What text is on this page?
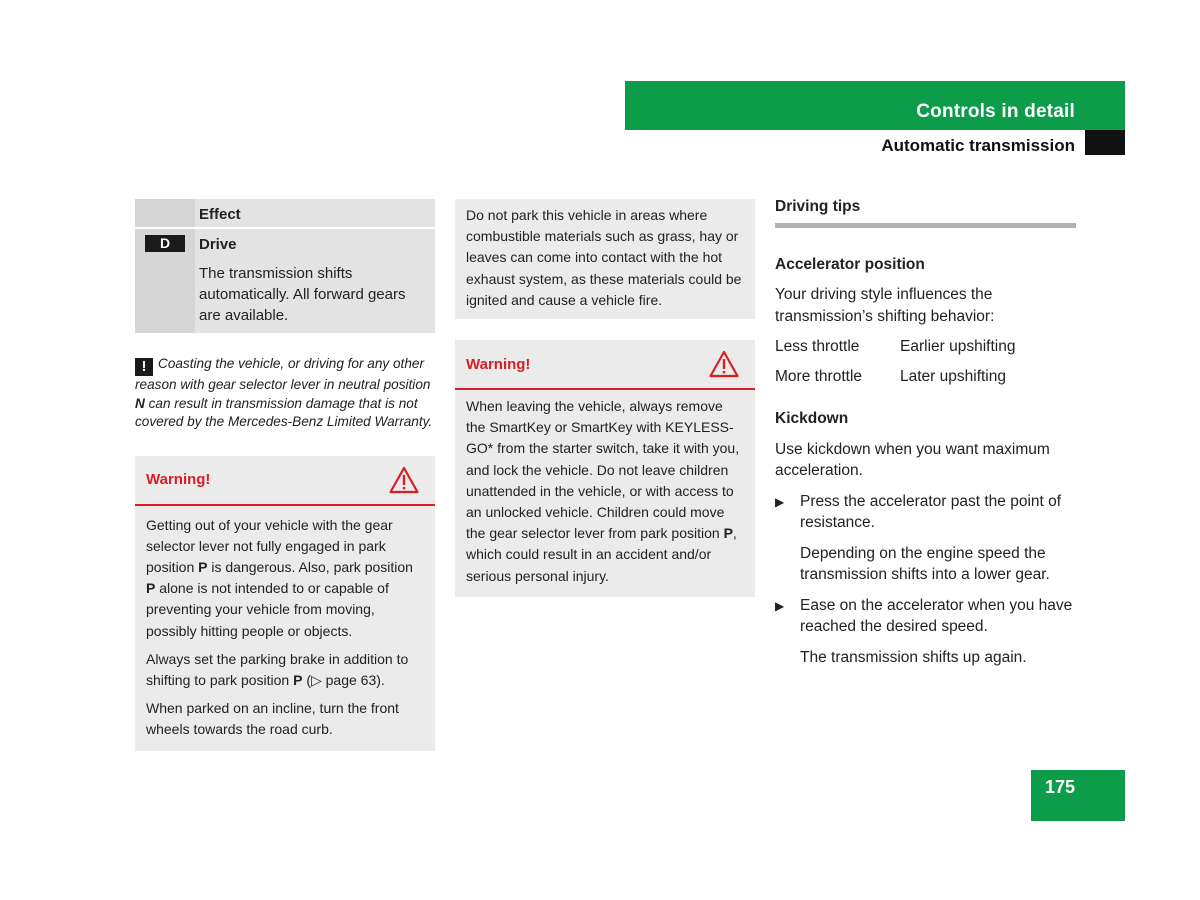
Controls in detail
Automatic transmission
Effect
D	Drive
The transmission shifts automatically. All forward gears are available.
! Coasting the vehicle, or driving for any other reason with gear selector lever in neutral position N can result in transmission damage that is not covered by the Mercedes-Benz Limited Warranty.
Warning!

Getting out of your vehicle with the gear selector lever not fully engaged in park position P is dangerous. Also, park position P alone is not intended to or capable of preventing your vehicle from moving, possibly hitting people or objects.

Always set the parking brake in addition to shifting to park position P (▷ page 63).

When parked on an incline, turn the front wheels towards the road curb.

Do not park this vehicle in areas where combustible materials such as grass, hay or leaves can come into contact with the hot exhaust system, as these materials could be ignited and cause a vehicle fire.
Warning!

When leaving the vehicle, always remove the SmartKey or SmartKey with KEYLESS-GO* from the starter switch, take it with you, and lock the vehicle. Do not leave children unattended in the vehicle, or with access to an unlocked vehicle. Children could move the gear selector lever from park position P, which could result in an accident and/or serious personal injury.

Driving tips
Accelerator position
Your driving style influences the transmission’s shifting behavior:
Less throttle	Earlier upshifting
More throttle	Later upshifting
Kickdown
Use kickdown when you want maximum acceleration.
▶	Press the accelerator past the point of resistance.
Depending on the engine speed the transmission shifts into a lower gear.
▶	Ease on the accelerator when you have reached the desired speed.
The transmission shifts up again.
175
